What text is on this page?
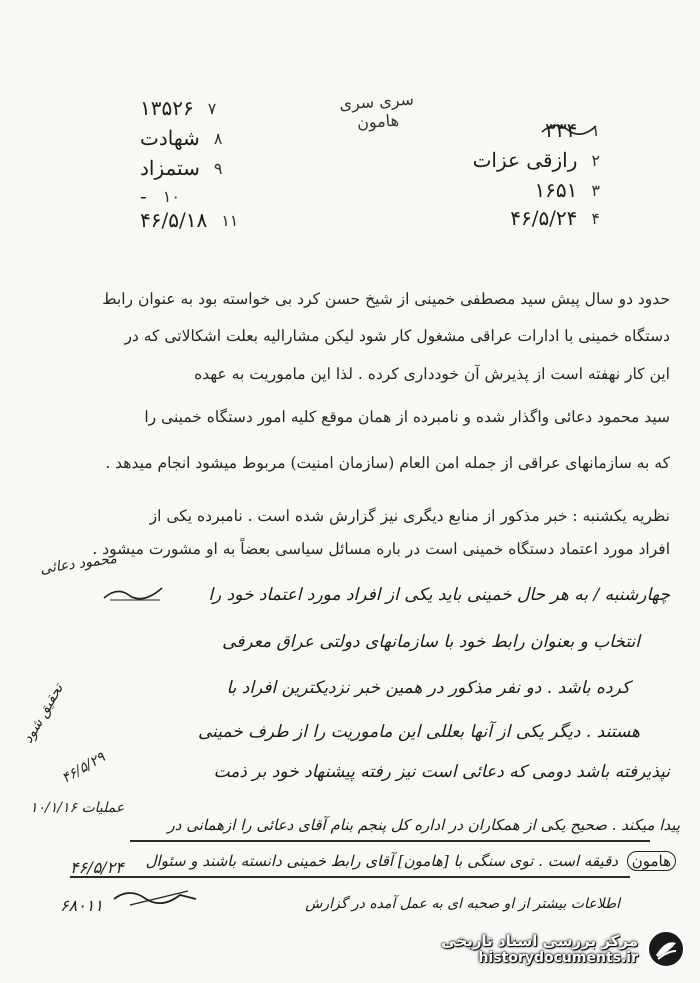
سری سری
هامون	۱
۳۳۴
۲
رازقی عزات
۳
۱۶۵۱
۴
۴۶/۵/۲۴
۷
۱۳۵۲۶
۸
شهادت
۹
ستمزاد
۱۰
-
۱۱
۴۶/۵/۱۸
حدود دو سال پیش سید مصطفی خمینی از شیخ حسن کرد بی خواسته بود به عنوان رابط
دستگاه خمینی با ادارات عراقی مشغول کار شود لیکن مشارالیه بعلت اشکالاتی که در
این کار نهفته است از پذیرش آن خودداری کرده . لذا این ماموریت به عهده
سید محمود دعائی واگذار شده و نامبرده از همان موقع کلیه امور دستگاه خمینی را
که به سازمانهای عراقی از جمله امن العام (سازمان امنیت) مربوط میشود انجام میدهد .
نظریه یکشنبه : خبر مذکور از منابع دیگری نیز گزارش شده است . نامبرده یکی از
افراد مورد اعتماد دستگاه خمینی است در باره مسائل سیاسی بعضاً به او مشورت میشود .
محمود دعائی
چهارشنبه / به هر حال خمینی باید یکی از افراد مورد اعتماد خود را
انتخاب و بعنوان رابط خود با سازمانهای دولتی عراق معرفی
کرده باشد . دو نفر مذکور در همین خبر نزدیکترین افراد با
هستند . دیگر یکی از آنها بعللی این ماموریت را از طرف خمینی
نپذیرفته باشد دومی که دعائی است نیز رفته پیشنهاد خود بر ذمت
پیدا میکند . صحیح یکی از همکاران در اداره کل پنجم بنام آقای دعائی را ازهمانی در
هامون دقیقه است . توی سنگی با [هامون] آقای رابط خمینی دانسته باشند و سئوال
اطلاعات بیشتر از او صحبه ای به عمل آمده در گزارش
تحقیق شود
۴۶/۵/۲۹
عملیات ۱۰/۱/۱۶
۴۶/۵/۲۴
۶۸۰۱۱
مرکز بررسی اسناد تاریخی
historydocuments.ir
